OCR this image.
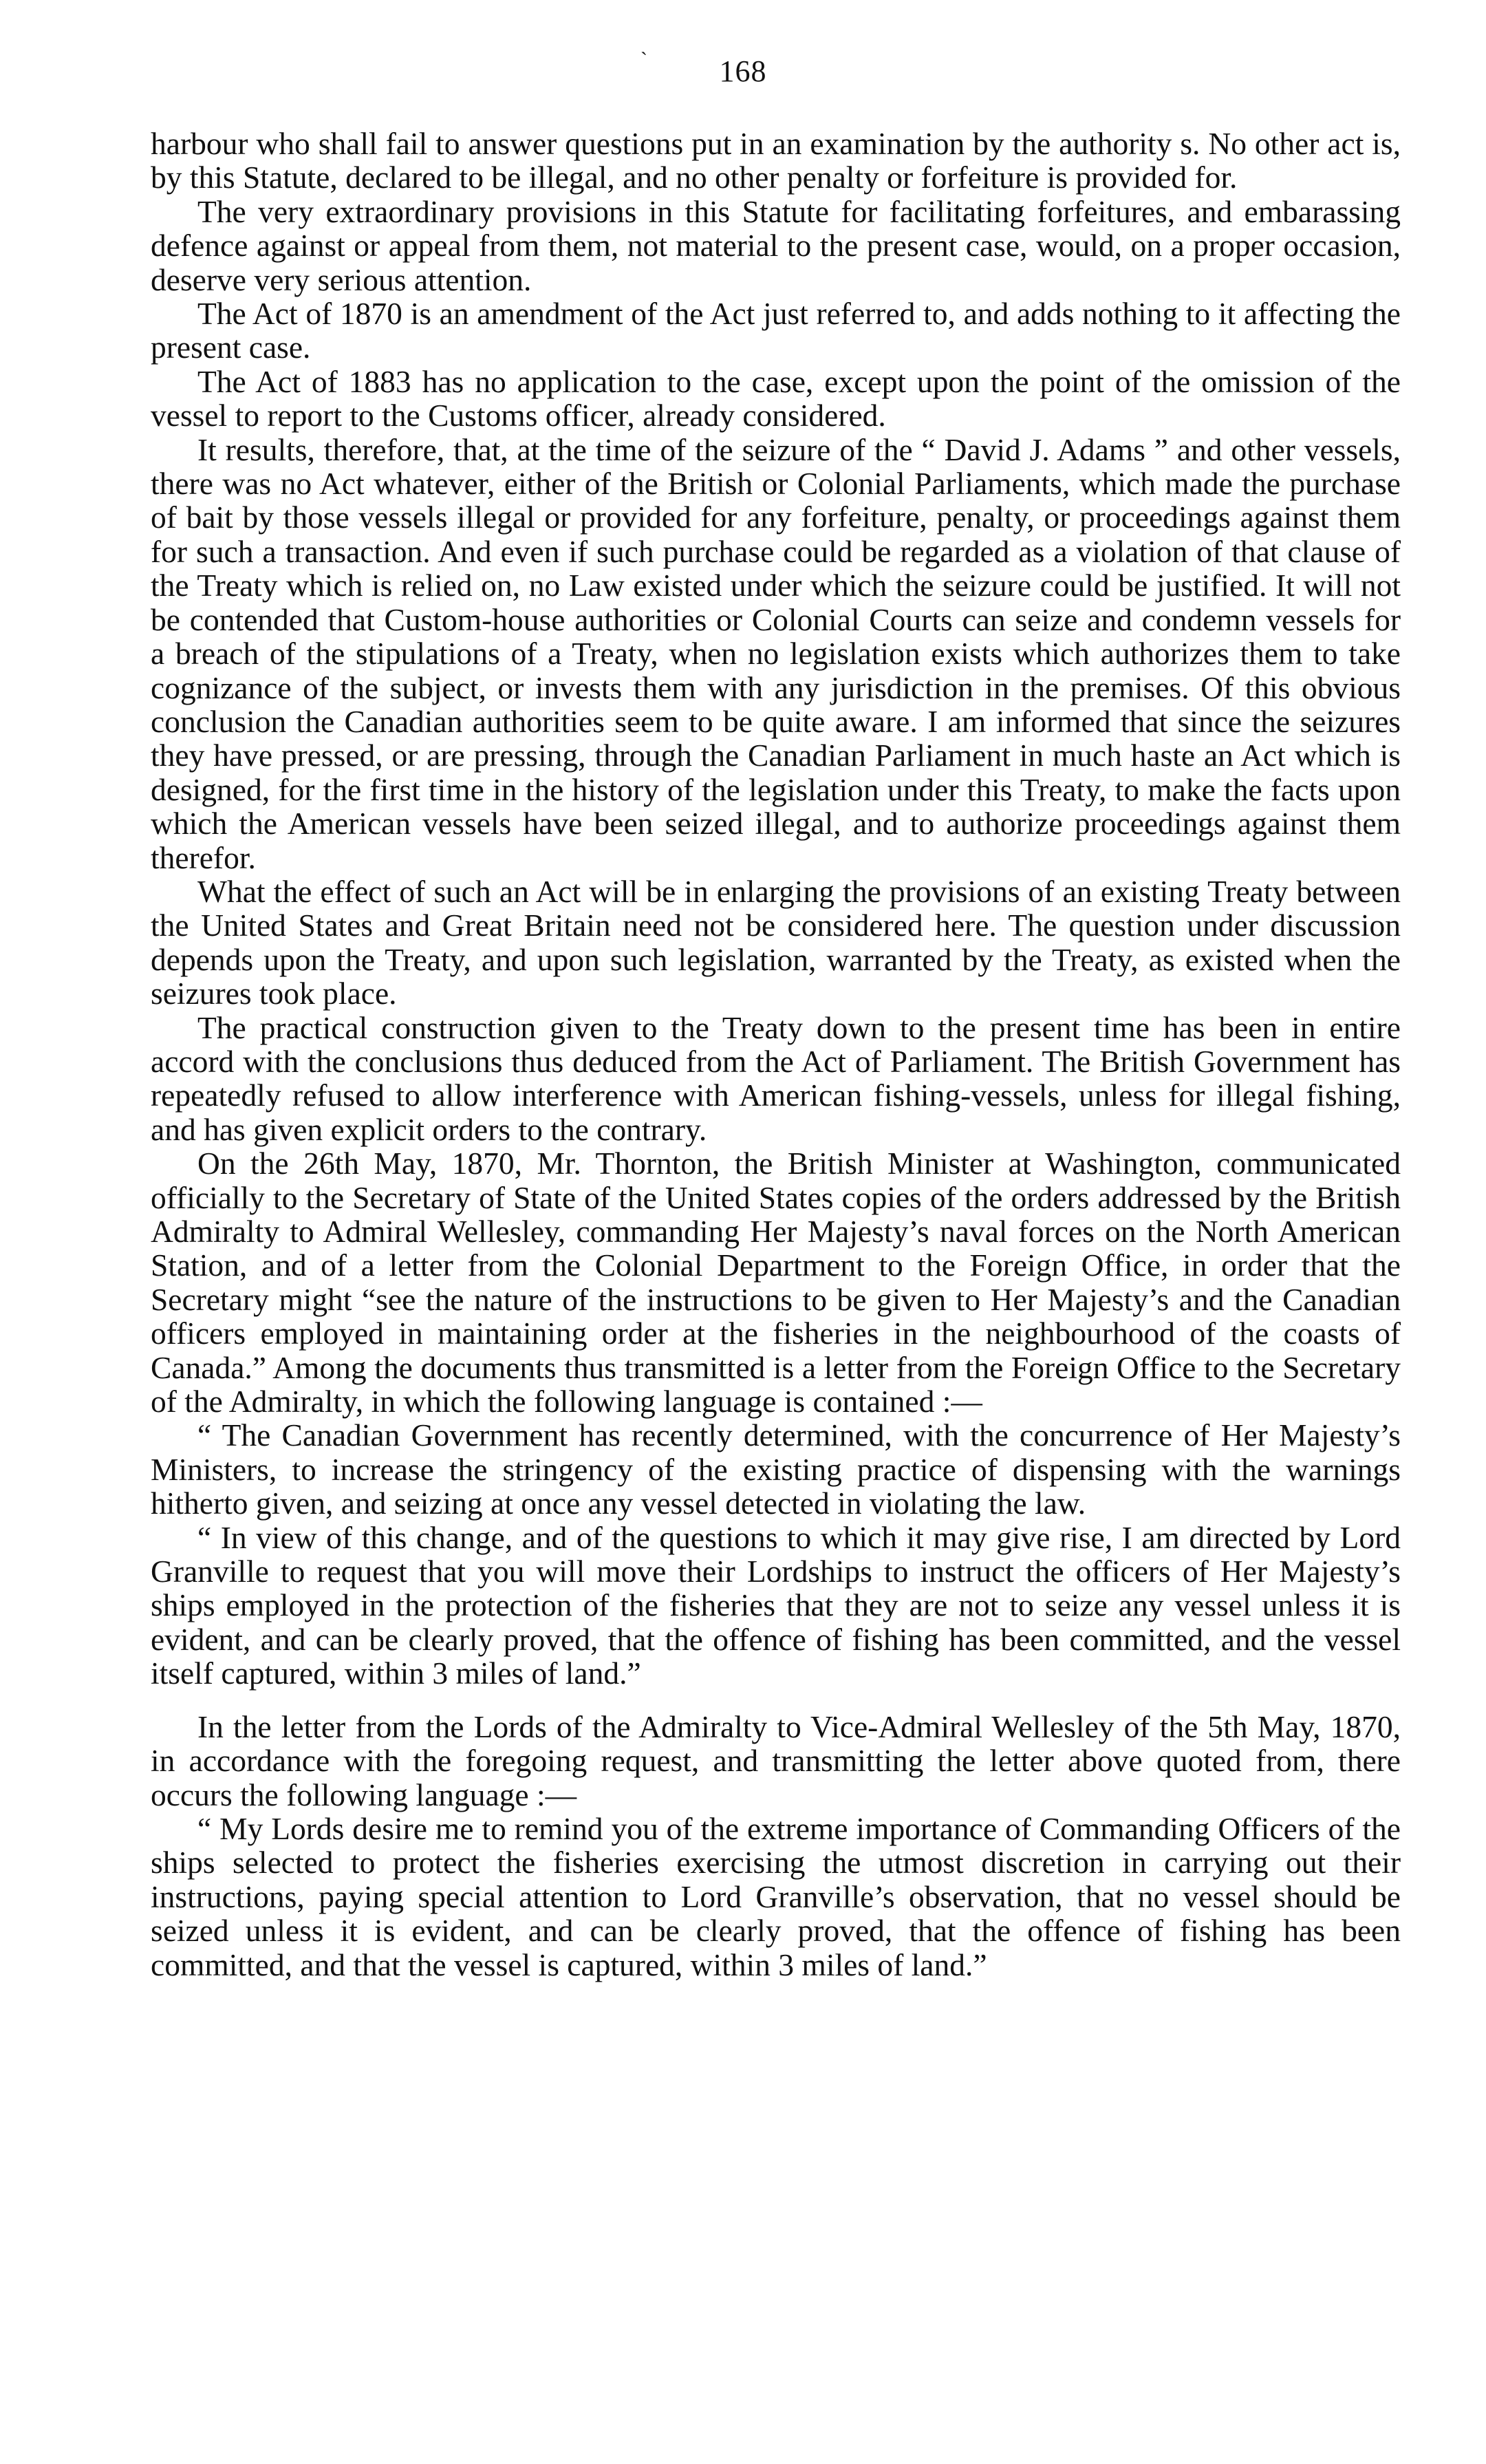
`	168

harbour who shall fail to answer questions put in an examination by the authority s. No other act is, by this Statute, declared to be illegal, and no other penalty or forfeiture is provided for.

The very extraordinary provisions in this Statute for facilitating forfeitures, and embarassing defence against or appeal from them, not material to the present case, would, on a proper occasion, deserve very serious attention.

The Act of 1870 is an amendment of the Act just referred to, and adds nothing to it affecting the present case.

The Act of 1883 has no application to the case, except upon the point of the omission of the vessel to report to the Customs officer, already considered.

It results, therefore, that, at the time of the seizure of the “ David J. Adams ” and other vessels, there was no Act whatever, either of the British or Colonial Parliaments, which made the purchase of bait by those vessels illegal or provided for any forfeiture, penalty, or proceedings against them for such a transaction. And even if such purchase could be regarded as a violation of that clause of the Treaty which is relied on, no Law existed under which the seizure could be justified. It will not be contended that Custom-house authorities or Colonial Courts can seize and condemn vessels for a breach of the stipulations of a Treaty, when no legislation exists which authorizes them to take cognizance of the subject, or invests them with any jurisdiction in the premises. Of this obvious conclusion the Canadian authorities seem to be quite aware. I am informed that since the seizures they have pressed, or are pressing, through the Canadian Parliament in much haste an Act which is designed, for the first time in the history of the legislation under this Treaty, to make the facts upon which the American vessels have been seized illegal, and to authorize proceedings against them therefor.

What the effect of such an Act will be in enlarging the provisions of an existing Treaty between the United States and Great Britain need not be considered here. The question under discussion depends upon the Treaty, and upon such legislation, warranted by the Treaty, as existed when the seizures took place.

The practical construction given to the Treaty down to the present time has been in entire accord with the conclusions thus deduced from the Act of Parliament. The British Government has repeatedly refused to allow interference with American fishing-vessels, unless for illegal fishing, and has given explicit orders to the contrary.

On the 26th May, 1870, Mr. Thornton, the British Minister at Washington, communicated officially to the Secretary of State of the United States copies of the orders addressed by the British Admiralty to Admiral Wellesley, commanding Her Majesty’s naval forces on the North American Station, and of a letter from the Colonial Department to the Foreign Office, in order that the Secretary might “see the nature of the instructions to be given to Her Majesty’s and the Canadian officers employed in maintaining order at the fisheries in the neighbourhood of the coasts of Canada.” Among the documents thus transmitted is a letter from the Foreign Office to the Secretary of the Admiralty, in which the following language is contained :—

“ The Canadian Government has recently determined, with the concurrence of Her Majesty’s Ministers, to increase the stringency of the existing practice of dispensing with the warnings hitherto given, and seizing at once any vessel detected in violating the law.

“ In view of this change, and of the questions to which it may give rise, I am directed by Lord Granville to request that you will move their Lordships to instruct the officers of Her Majesty’s ships employed in the protection of the fisheries that they are not to seize any vessel unless it is evident, and can be clearly proved, that the offence of fishing has been committed, and the vessel itself captured, within 3 miles of land.”

In the letter from the Lords of the Admiralty to Vice-Admiral Wellesley of the 5th May, 1870, in accordance with the foregoing request, and transmitting the letter above quoted from, there occurs the following language :—

“ My Lords desire me to remind you of the extreme importance of Commanding Officers of the ships selected to protect the fisheries exercising the utmost discretion in carrying out their instructions, paying special attention to Lord Granville’s observation, that no vessel should be seized unless it is evident, and can be clearly proved, that the offence of fishing has been committed, and that the vessel is captured, within 3 miles of land.”
